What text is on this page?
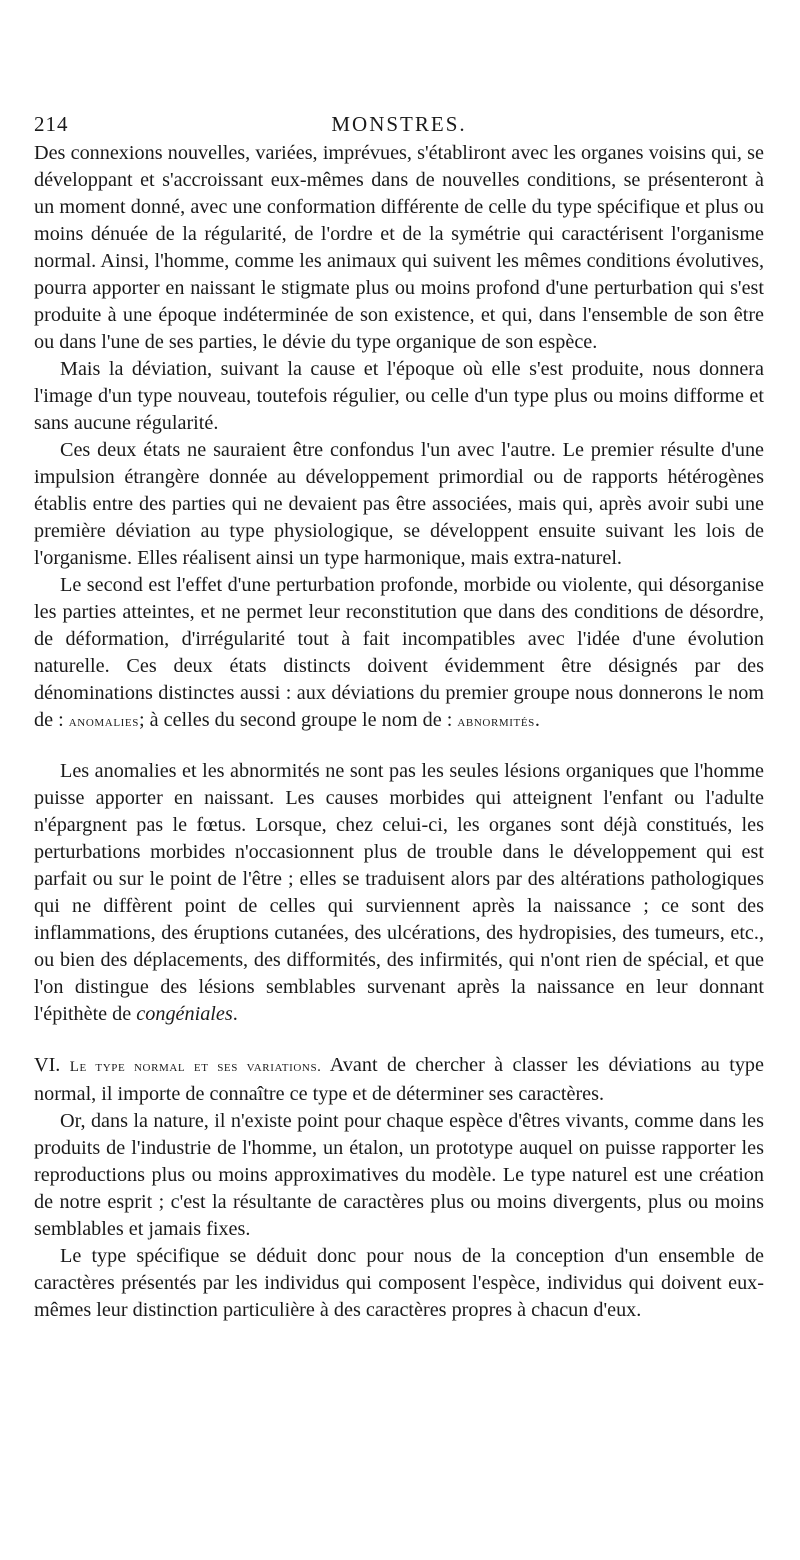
214	MONSTRES.

Des connexions nouvelles, variées, imprévues, s'établiront avec les organes voisins qui, se développant et s'accroissant eux-mêmes dans de nouvelles conditions, se présenteront à un moment donné, avec une conformation différente de celle du type spécifique et plus ou moins dénuée de la régularité, de l'ordre et de la symétrie qui caractérisent l'organisme normal. Ainsi, l'homme, comme les animaux qui suivent les mêmes conditions évolutives, pourra apporter en naissant le stigmate plus ou moins profond d'une perturbation qui s'est produite à une époque indéterminée de son existence, et qui, dans l'ensemble de son être ou dans l'une de ses parties, le dévie du type organique de son espèce.

Mais la déviation, suivant la cause et l'époque où elle s'est produite, nous donnera l'image d'un type nouveau, toutefois régulier, ou celle d'un type plus ou moins difforme et sans aucune régularité.

Ces deux états ne sauraient être confondus l'un avec l'autre. Le premier résulte d'une impulsion étrangère donnée au développement primordial ou de rapports hétérogènes établis entre des parties qui ne devaient pas être associées, mais qui, après avoir subi une première déviation au type physiologique, se développent ensuite suivant les lois de l'organisme. Elles réalisent ainsi un type harmonique, mais extra-naturel.

Le second est l'effet d'une perturbation profonde, morbide ou violente, qui désorganise les parties atteintes, et ne permet leur reconstitution que dans des conditions de désordre, de déformation, d'irrégularité tout à fait incompatibles avec l'idée d'une évolution naturelle. Ces deux états distincts doivent évidemment être désignés par des dénominations distinctes aussi : aux déviations du premier groupe nous donnerons le nom de : anomalies; à celles du second groupe le nom de : abnormités.

Les anomalies et les abnormités ne sont pas les seules lésions organiques que l'homme puisse apporter en naissant. Les causes morbides qui atteignent l'enfant ou l'adulte n'épargnent pas le fœtus. Lorsque, chez celui-ci, les organes sont déjà constitués, les perturbations morbides n'occasionnent plus de trouble dans le développement qui est parfait ou sur le point de l'être ; elles se traduisent alors par des altérations pathologiques qui ne diffèrent point de celles qui surviennent après la naissance ; ce sont des inflammations, des éruptions cutanées, des ulcérations, des hydropisies, des tumeurs, etc., ou bien des déplacements, des difformités, des infirmités, qui n'ont rien de spécial, et que l'on distingue des lésions semblables survenant après la naissance en leur donnant l'épithète de congéniales.

VI. Le type normal et ses variations. Avant de chercher à classer les déviations au type normal, il importe de connaître ce type et de déterminer ses caractères.

Or, dans la nature, il n'existe point pour chaque espèce d'êtres vivants, comme dans les produits de l'industrie de l'homme, un étalon, un prototype auquel on puisse rapporter les reproductions plus ou moins approximatives du modèle. Le type naturel est une création de notre esprit ; c'est la résultante de caractères plus ou moins divergents, plus ou moins semblables et jamais fixes.

Le type spécifique se déduit donc pour nous de la conception d'un ensemble de caractères présentés par les individus qui composent l'espèce, individus qui doivent eux-mêmes leur distinction particulière à des caractères propres à chacun d'eux.
